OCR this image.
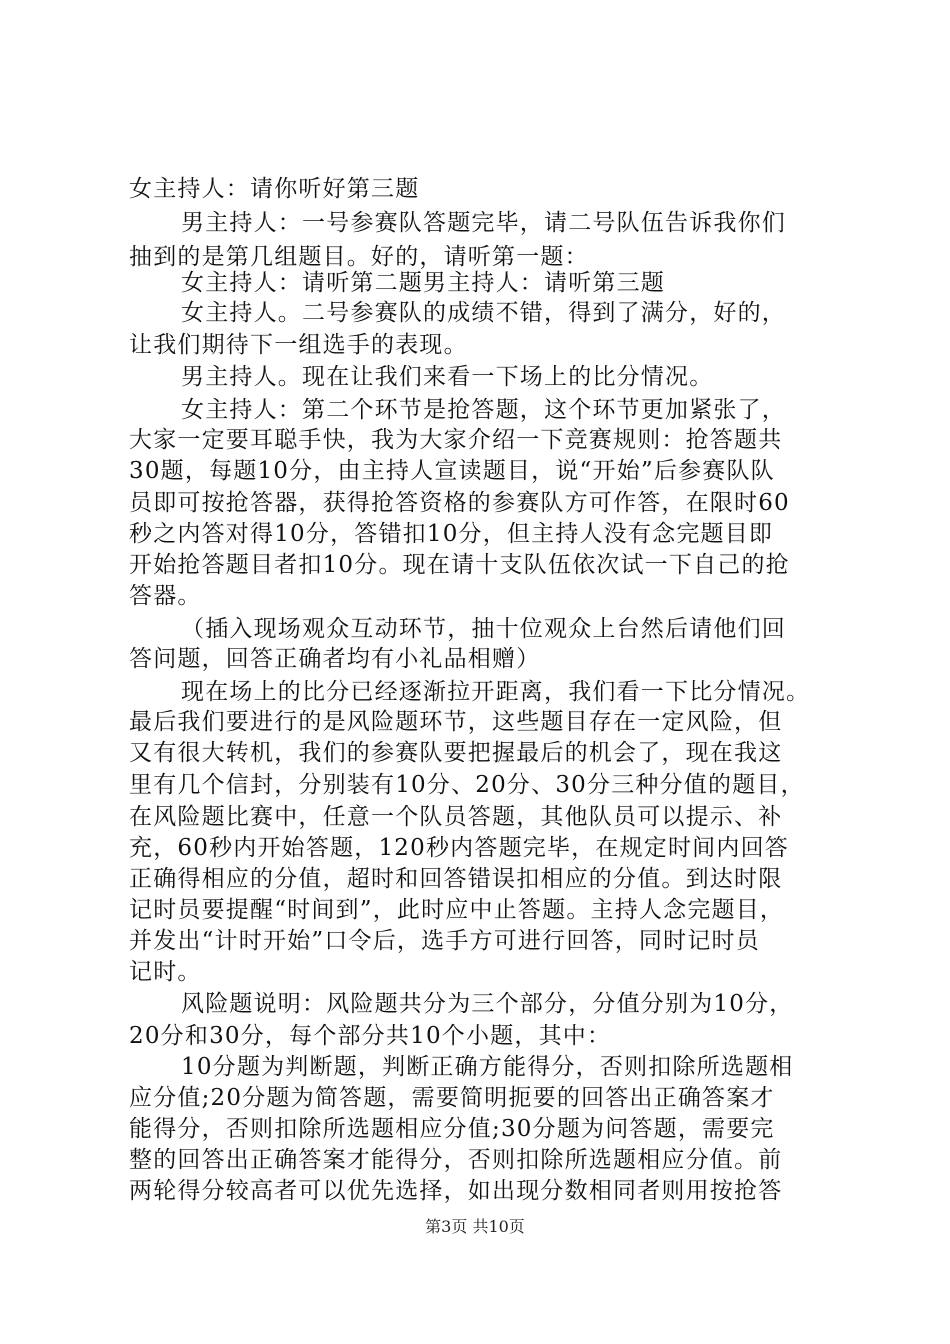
女主持人：请你听好第三题
男主持人：一号参赛队答题完毕，请二号队伍告诉我你们
抽到的是第几组题目。好的，请听第一题：
女主持人：请听第二题男主持人：请听第三题
女主持人。二号参赛队的成绩不错，得到了满分，好的，
让我们期待下一组选手的表现。
男主持人。现在让我们来看一下场上的比分情况。
女主持人：第二个环节是抢答题，这个环节更加紧张了，
大家一定要耳聪手快，我为大家介绍一下竞赛规则：抢答题共
30题，每题10分，由主持人宣读题目，说“开始”后参赛队队
员即可按抢答器，获得抢答资格的参赛队方可作答，在限时60
秒之内答对得10分，答错扣10分，但主持人没有念完题目即
开始抢答题目者扣10分。现在请十支队伍依次试一下自己的抢
答器。
（插入现场观众互动环节，抽十位观众上台然后请他们回
答问题，回答正确者均有小礼品相赠）
现在场上的比分已经逐渐拉开距离，我们看一下比分情况。
最后我们要进行的是风险题环节，这些题目存在一定风险，但
又有很大转机，我们的参赛队要把握最后的机会了，现在我这
里有几个信封，分别装有10分、20分、30分三种分值的题目，
在风险题比赛中，任意一个队员答题，其他队员可以提示、补
充，60秒内开始答题，120秒内答题完毕，在规定时间内回答
正确得相应的分值，超时和回答错误扣相应的分值。到达时限
记时员要提醒“时间到”，此时应中止答题。主持人念完题目，
并发出“计时开始”口令后，选手方可进行回答，同时记时员
记时。
风险题说明：风险题共分为三个部分，分值分别为10分，
20分和30分，每个部分共10个小题，其中：
10分题为判断题，判断正确方能得分，否则扣除所选题相
应分值;20分题为简答题，需要简明扼要的回答出正确答案才
能得分，否则扣除所选题相应分值;30分题为问答题，需要完
整的回答出正确答案才能得分，否则扣除所选题相应分值。前
两轮得分较高者可以优先选择，如出现分数相同者则用按抢答
第3页 共10页
